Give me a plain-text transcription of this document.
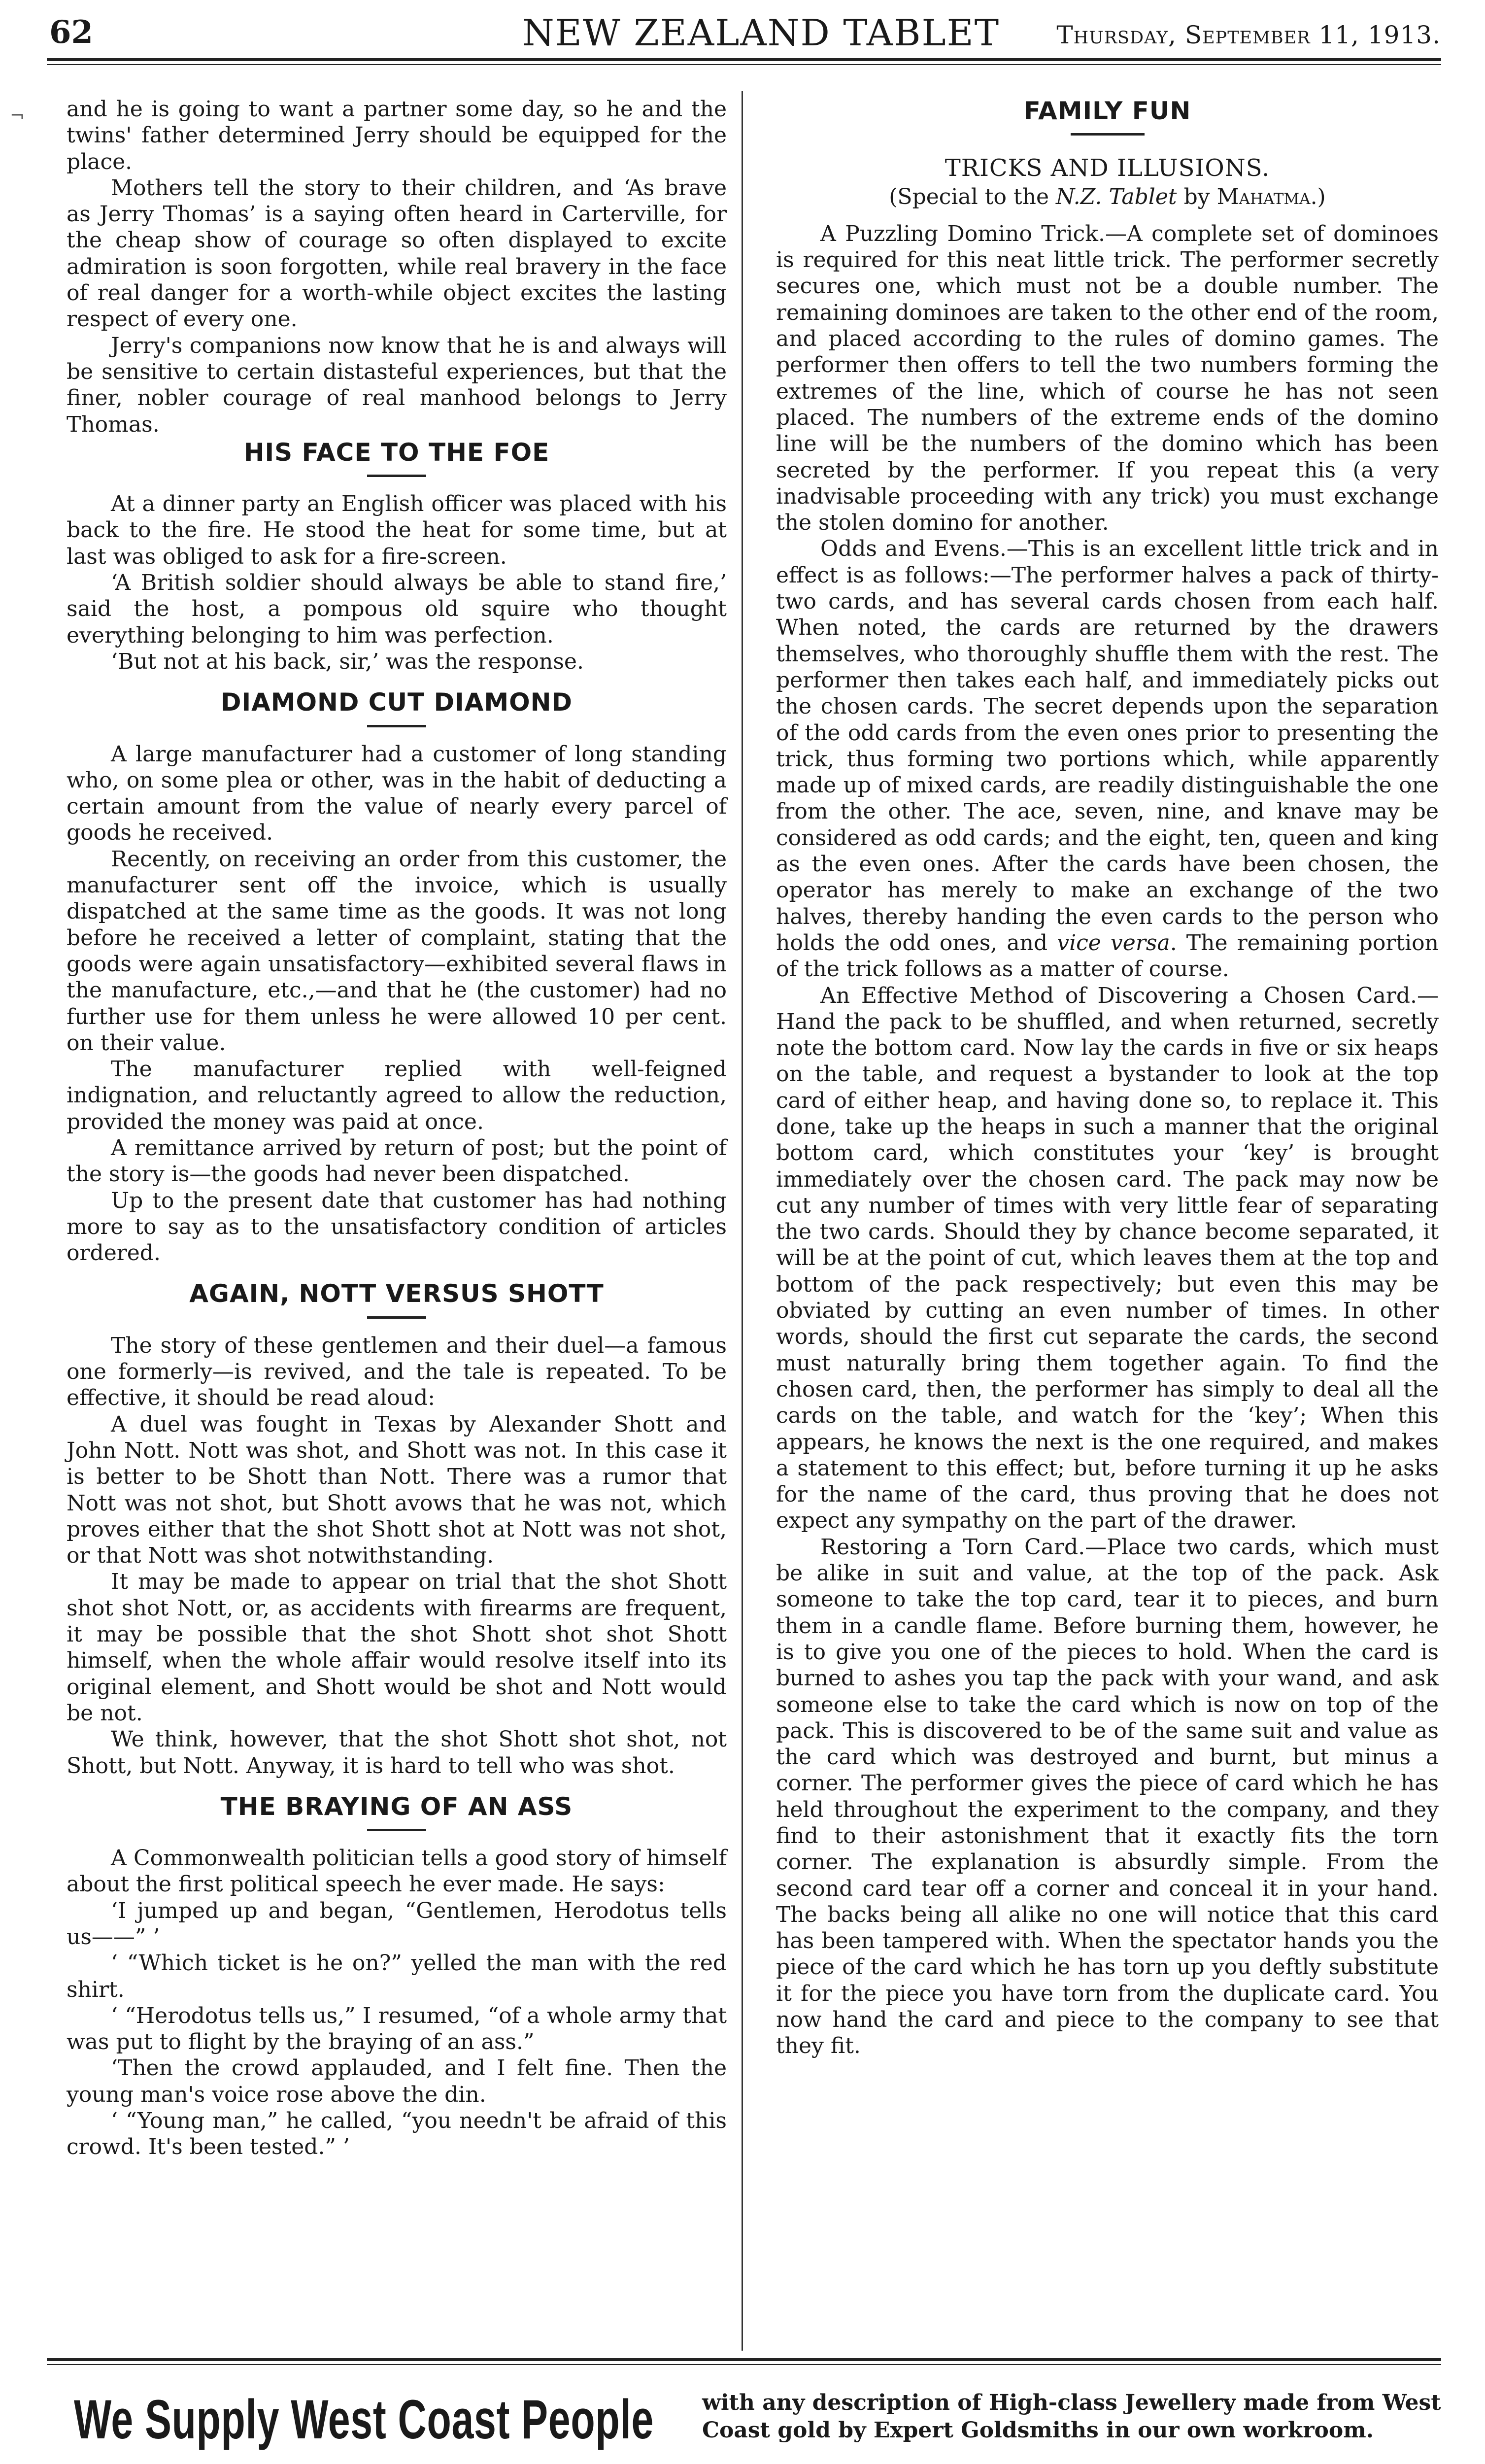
62	NEW ZEALAND TABLET Thursday, September 11, 1913.
¬ and he is going to want a partner some day, so he and the twins' father determined Jerry should be equipped for the place.

Mothers tell the story to their children, and ‘As brave as Jerry Thomas’ is a saying often heard in Carterville, for the cheap show of courage so often displayed to excite admiration is soon forgotten, while real bravery in the face of real danger for a worth-while object excites the lasting respect of every one.

Jerry's companions now know that he is and always will be sensitive to certain distasteful experiences, but that the finer, nobler courage of real manhood belongs to Jerry Thomas.

HIS FACE TO THE FOE

At a dinner party an English officer was placed with his back to the fire. He stood the heat for some time, but at last was obliged to ask for a fire-screen.

‘A British soldier should always be able to stand fire,’ said the host, a pompous old squire who thought everything belonging to him was perfection.

‘But not at his back, sir,’ was the response.

DIAMOND CUT DIAMOND

A large manufacturer had a customer of long standing who, on some plea or other, was in the habit of deducting a certain amount from the value of nearly every parcel of goods he received.

Recently, on receiving an order from this customer, the manufacturer sent off the invoice, which is usually dispatched at the same time as the goods. It was not long before he received a letter of complaint, stating that the goods were again unsatisfactory—exhibited several flaws in the manufacture, etc.,—and that he (the customer) had no further use for them unless he were allowed 10 per cent. on their value.

The manufacturer replied with well-feigned indignation, and reluctantly agreed to allow the reduction, provided the money was paid at once.

A remittance arrived by return of post; but the point of the story is—the goods had never been dispatched.

Up to the present date that customer has had nothing more to say as to the unsatisfactory condition of articles ordered.

AGAIN, NOTT VERSUS SHOTT

The story of these gentlemen and their duel—a famous one formerly—is revived, and the tale is repeated. To be effective, it should be read aloud:

A duel was fought in Texas by Alexander Shott and John Nott. Nott was shot, and Shott was not. In this case it is better to be Shott than Nott. There was a rumor that Nott was not shot, but Shott avows that he was not, which proves either that the shot Shott shot at Nott was not shot, or that Nott was shot notwithstanding.

It may be made to appear on trial that the shot Shott shot shot Nott, or, as accidents with firearms are frequent, it may be possible that the shot Shott shot shot Shott himself, when the whole affair would resolve itself into its original element, and Shott would be shot and Nott would be not.

We think, however, that the shot Shott shot shot, not Shott, but Nott. Anyway, it is hard to tell who was shot.

THE BRAYING OF AN ASS

A Commonwealth politician tells a good story of himself about the first political speech he ever made. He says:

‘I jumped up and began, “Gentlemen, Herodotus tells us——” ’

‘ “Which ticket is he on?” yelled the man with the red shirt.

‘ “Herodotus tells us,” I resumed, “of a whole army that was put to flight by the braying of an ass.”

‘Then the crowd applauded, and I felt fine. Then the young man's voice rose above the din.

‘ “Young man,” he called, “you needn't be afraid of this crowd. It's been tested.” ’

FAMILY FUN
TRICKS AND ILLUSIONS.
(Special to the N.Z. Tablet by Mahatma.)

A Puzzling Domino Trick.—A complete set of dominoes is required for this neat little trick. The performer secretly secures one, which must not be a double number. The remaining dominoes are taken to the other end of the room, and placed according to the rules of domino games. The performer then offers to tell the two numbers forming the extremes of the line, which of course he has not seen placed. The numbers of the extreme ends of the domino line will be the numbers of the domino which has been secreted by the performer. If you repeat this (a very inadvisable proceeding with any trick) you must exchange the stolen domino for another.

Odds and Evens.—This is an excellent little trick and in effect is as follows:—The performer halves a pack of thirty-two cards, and has several cards chosen from each half. When noted, the cards are returned by the drawers themselves, who thoroughly shuffle them with the rest. The performer then takes each half, and immediately picks out the chosen cards. The secret depends upon the separation of the odd cards from the even ones prior to presenting the trick, thus forming two portions which, while apparently made up of mixed cards, are readily distinguishable the one from the other. The ace, seven, nine, and knave may be considered as odd cards; and the eight, ten, queen and king as the even ones. After the cards have been chosen, the operator has merely to make an exchange of the two halves, thereby handing the even cards to the person who holds the odd ones, and vice versa. The remaining portion of the trick follows as a matter of course.

An Effective Method of Discovering a Chosen Card.—Hand the pack to be shuffled, and when returned, secretly note the bottom card. Now lay the cards in five or six heaps on the table, and request a bystander to look at the top card of either heap, and having done so, to replace it. This done, take up the heaps in such a manner that the original bottom card, which constitutes your ‘key’ is brought immediately over the chosen card. The pack may now be cut any number of times with very little fear of separating the two cards. Should they by chance become separated, it will be at the point of cut, which leaves them at the top and bottom of the pack respectively; but even this may be obviated by cutting an even number of times. In other words, should the first cut separate the cards, the second must naturally bring them together again. To find the chosen card, then, the performer has simply to deal all the cards on the table, and watch for the ‘key’; When this appears, he knows the next is the one required, and makes a statement to this effect; but, before turning it up he asks for the name of the card, thus proving that he does not expect any sympathy on the part of the drawer.

Restoring a Torn Card.—Place two cards, which must be alike in suit and value, at the top of the pack. Ask someone to take the top card, tear it to pieces, and burn them in a candle flame. Before burning them, however, he is to give you one of the pieces to hold. When the card is burned to ashes you tap the pack with your wand, and ask someone else to take the card which is now on top of the pack. This is discovered to be of the same suit and value as the card which was destroyed and burnt, but minus a corner. The performer gives the piece of card which he has held throughout the experiment to the company, and they find to their astonishment that it exactly fits the torn corner. The explanation is absurdly simple. From the second card tear off a corner and conceal it in your hand. The backs being all alike no one will notice that this card has been tampered with. When the spectator hands you the piece of the card which he has torn up you deftly substitute it for the piece you have torn from the duplicate card. You now hand the card and piece to the company to see that they fit.

We Supply West Coast People with any description of High-class Jewellery made from West
Coast gold by Expert Goldsmiths in our own workroom.
